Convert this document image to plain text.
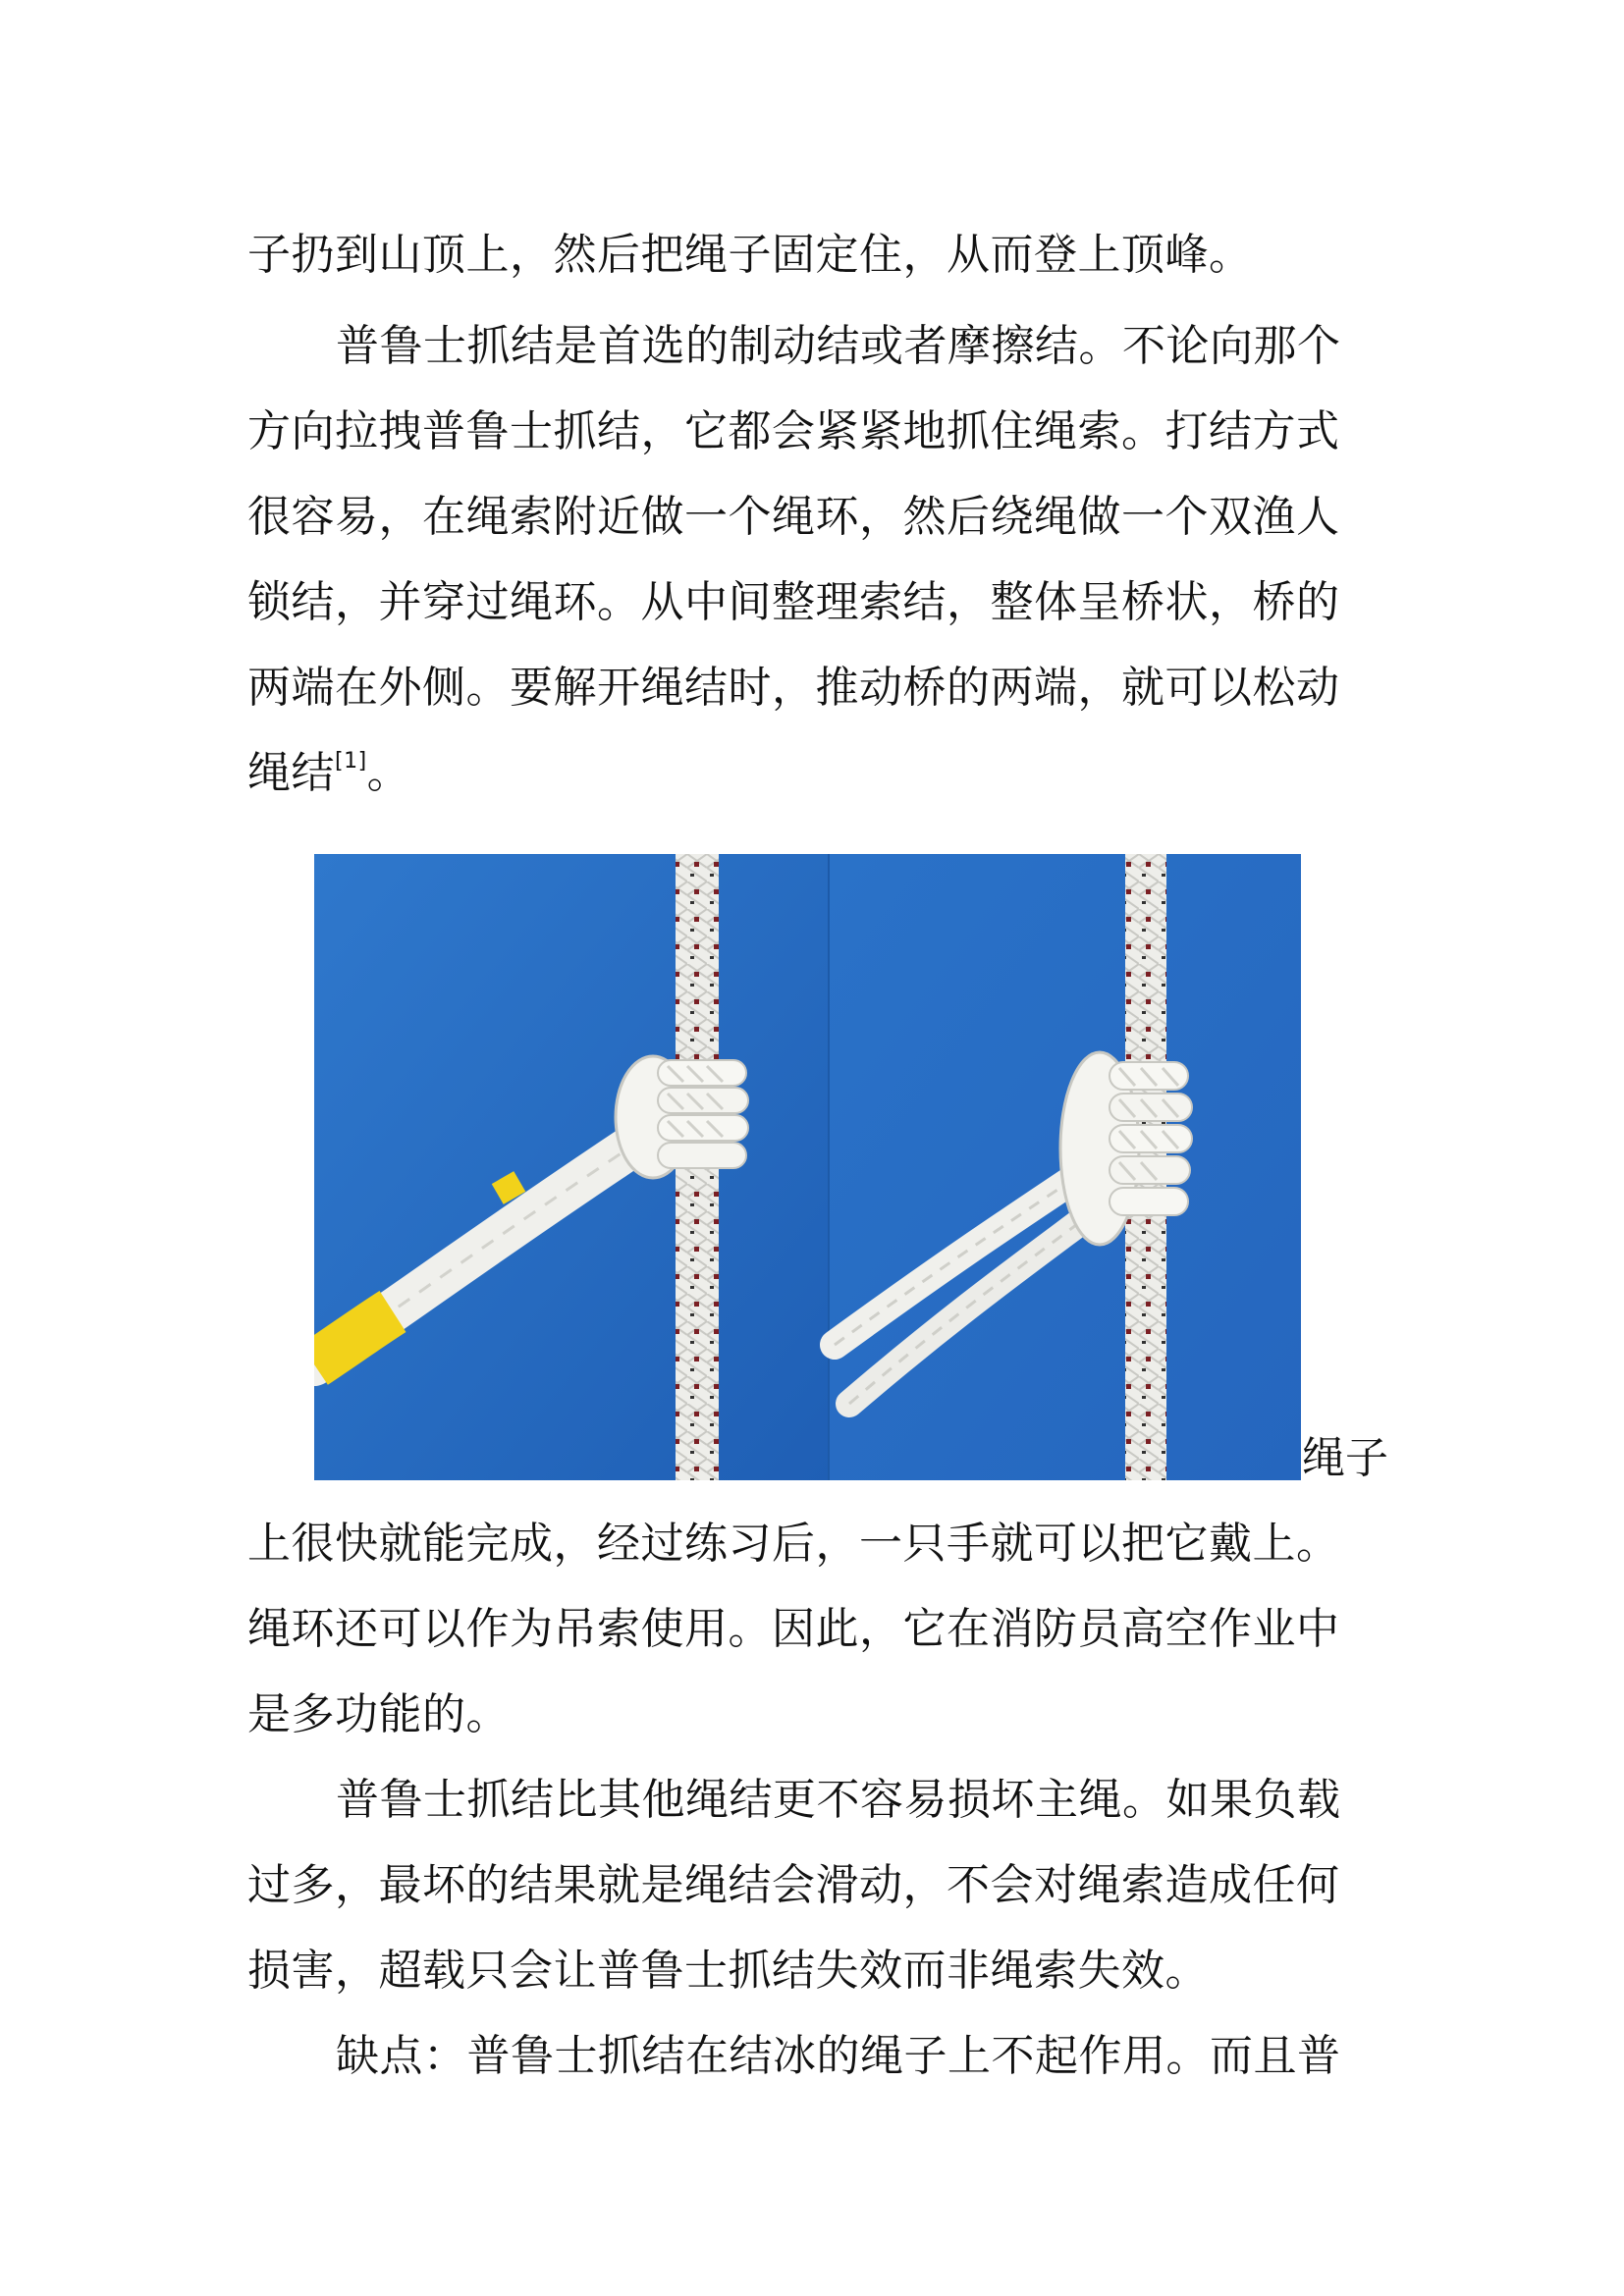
子扔到山顶上，然后把绳子固定住，从而登上顶峰。
普鲁士抓结是首选的制动结或者摩擦结。不论向那个
方向拉拽普鲁士抓结，它都会紧紧地抓住绳索。打结方式
很容易，在绳索附近做一个绳环，然后绕绳做一个双渔人
锁结，并穿过绳环。从中间整理索结，整体呈桥状，桥的
两端在外侧。要解开绳结时，推动桥的两端，就可以松动
绳结[1]。
绳子
上很快就能完成，经过练习后，一只手就可以把它戴上。
绳环还可以作为吊索使用。因此，它在消防员高空作业中
是多功能的。
普鲁士抓结比其他绳结更不容易损坏主绳。如果负载
过多，最坏的结果就是绳结会滑动，不会对绳索造成任何
损害，超载只会让普鲁士抓结失效而非绳索失效。
缺点：普鲁士抓结在结冰的绳子上不起作用。而且普
